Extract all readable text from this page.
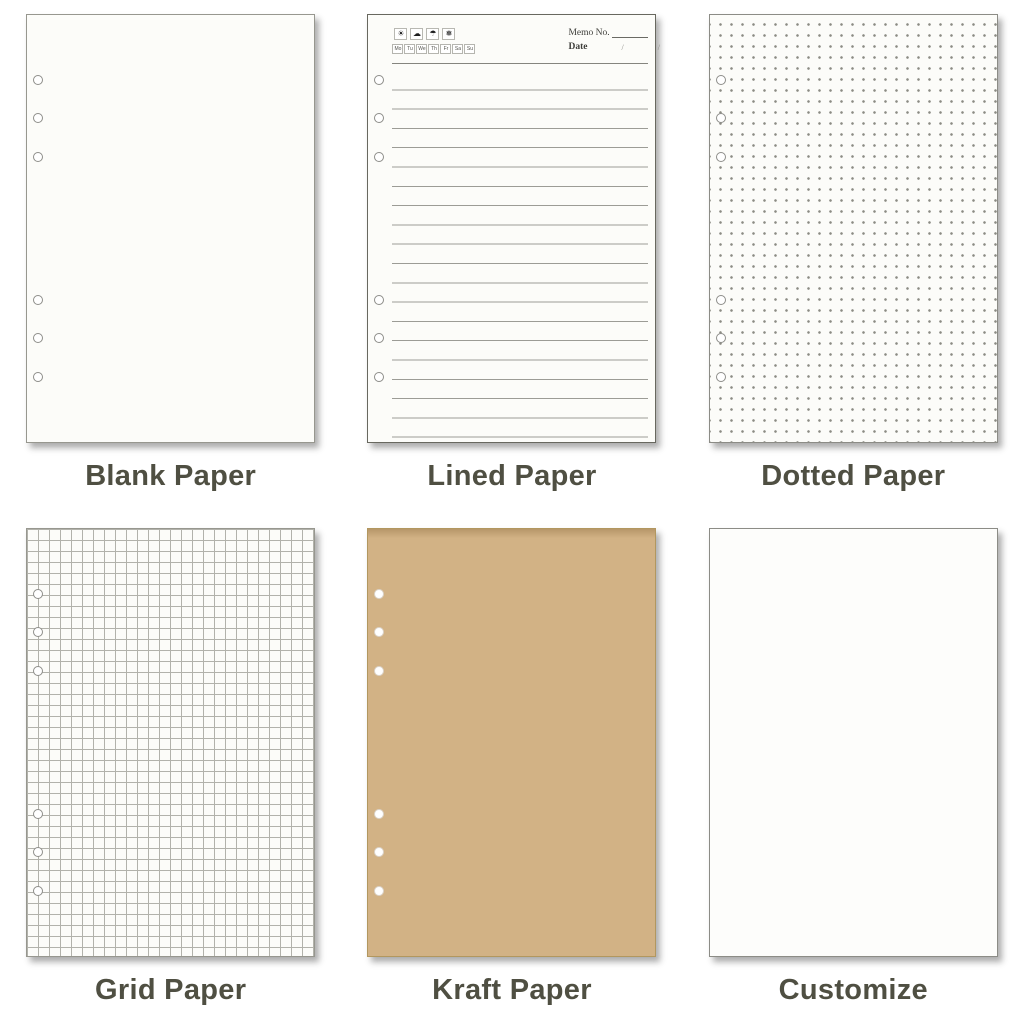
Blank Paper
☀	☁	☂	❅
Mo	Tu	We	Th	Fr	Sa	Su
Memo No.
Date	/	/
Lined Paper	Dotted Paper
Grid Paper	Kraft Paper	Customize
